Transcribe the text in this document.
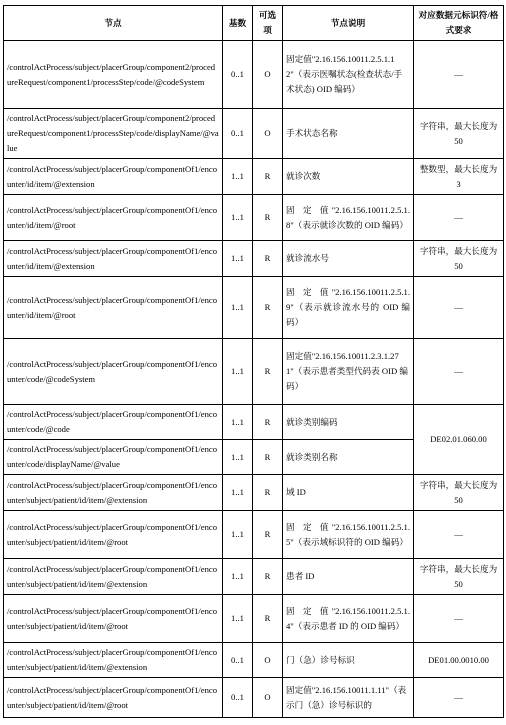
节点	基数	可选项	节点说明	对应数据元标识符/格式要求
/controlActProcess/subject/placerGroup/component2/procedureRequest/component1/processStep/code/@codeSystem	0..1	O	固定值"2.16.156.10011.2.5.1.12"（表示医嘱状态(检查状态/手术状态) OID 编码）	—
/controlActProcess/subject/placerGroup/component2/procedureRequest/component1/processStep/code/displayName/@value	0..1	O	手术状态名称	字符串，最大长度为 50
/controlActProcess/subject/placerGroup/componentOf1/encounter/id/item/@extension	1..1	R	就诊次数	整数型，最大长度为 3
/controlActProcess/subject/placerGroup/componentOf1/encounter/id/item/@root	1..1	R	固 定 值"2.16.156.10011.2.5.1.8"（表示就诊次数的 OID 编码）	—
/controlActProcess/subject/placerGroup/componentOf1/encounter/id/item/@extension	1..1	R	就诊流水号	字符串，最大长度为 50
/controlActProcess/subject/placerGroup/componentOf1/encounter/id/item/@root	1..1	R	固 定 值"2.16.156.10011.2.5.1.9"（表示就诊流水号的 OID 编码）	—
/controlActProcess/subject/placerGroup/componentOf1/encounter/code/@codeSystem	1..1	R	固定值"2.16.156.10011.2.3.1.271"（表示患者类型代码表 OID 编码）	—
/controlActProcess/subject/placerGroup/componentOf1/encounter/code/@code	1..1	R	就诊类别编码	DE02.01.060.00
/controlActProcess/subject/placerGroup/componentOf1/encounter/code/displayName/@value	1..1	R	就诊类别名称	
/controlActProcess/subject/placerGroup/componentOf1/encounter/subject/patient/id/item/@extension	1..1	R	域 ID	字符串，最大长度为 50
/controlActProcess/subject/placerGroup/componentOf1/encounter/subject/patient/id/item/@root	1..1	R	固 定 值"2.16.156.10011.2.5.1.5"（表示域标识符的 OID 编码）	—
/controlActProcess/subject/placerGroup/componentOf1/encounter/subject/patient/id/item/@extension	1..1	R	患者 ID	字符串，最大长度为 50
/controlActProcess/subject/placerGroup/componentOf1/encounter/subject/patient/id/item/@root	1..1	R	固 定 值"2.16.156.10011.2.5.1.4"（表示患者 ID 的 OID 编码）	—
/controlActProcess/subject/placerGroup/componentOf1/encounter/subject/patient/id/item/@extension	0..1	O	门（急）诊号标识	DE01.00.0010.00
/controlActProcess/subject/placerGroup/componentOf1/encounter/subject/patient/id/item/@root	0..1	O	固定值"2.16.156.10011.1.11"（表示门（急）诊号标识的	—
